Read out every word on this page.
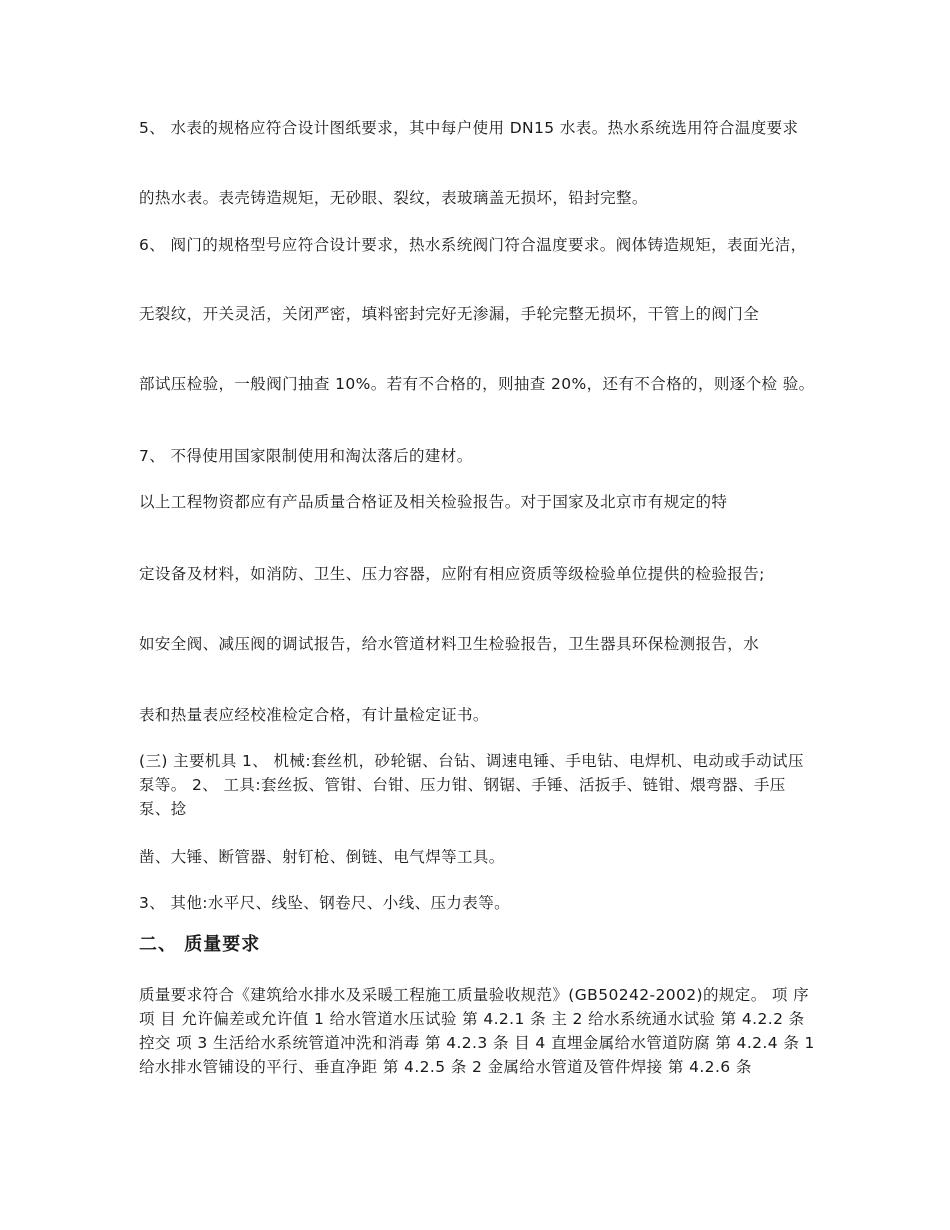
5、 水表的规格应符合设计图纸要求，其中每户使用 DN15 水表。热水系统选用符合温度要求

的热水表。表壳铸造规矩，无砂眼、裂纹，表玻璃盖无损坏，铅封完整。

6、 阀门的规格型号应符合设计要求，热水系统阀门符合温度要求。阀体铸造规矩，表面光洁，

无裂纹，开关灵活，关闭严密，填料密封完好无渗漏，手轮完整无损坏，干管上的阀门全

部试压检验，一般阀门抽查 10%。若有不合格的，则抽查 20%，还有不合格的，则逐个检 验。

7、 不得使用国家限制使用和淘汰落后的建材。

以上工程物资都应有产品质量合格证及相关检验报告。对于国家及北京市有规定的特

定设备及材料，如消防、卫生、压力容器，应附有相应资质等级检验单位提供的检验报告;

如安全阀、减压阀的调试报告，给水管道材料卫生检验报告，卫生器具环保检测报告，水

表和热量表应经校准检定合格，有计量检定证书。

(三) 主要机具 1、 机械:套丝机，砂轮锯、台钻、调速电锤、手电钻、电焊机、电动或手动试压泵等。 2、 工具:套丝扳、管钳、台钳、压力钳、钢锯、手锤、活扳手、链钳、煨弯器、手压泵、捻

凿、大锤、断管器、射钉枪、倒链、电气焊等工具。

3、 其他:水平尺、线坠、钢卷尺、小线、压力表等。

二、 质量要求

质量要求符合《建筑给水排水及采暖工程施工质量验收规范》(GB50242-2002)的规定。 项 序 项 目 允许偏差或允许值 1 给水管道水压试验 第 4.2.1 条 主 2 给水系统通水试验 第 4.2.2 条 控交 项 3 生活给水系统管道冲洗和消毒 第 4.2.3 条 目 4 直埋金属给水管道防腐 第 4.2.4 条 1 给水排水管铺设的平行、垂直净距 第 4.2.5 条 2 金属给水管道及管件焊接 第 4.2.6 条
